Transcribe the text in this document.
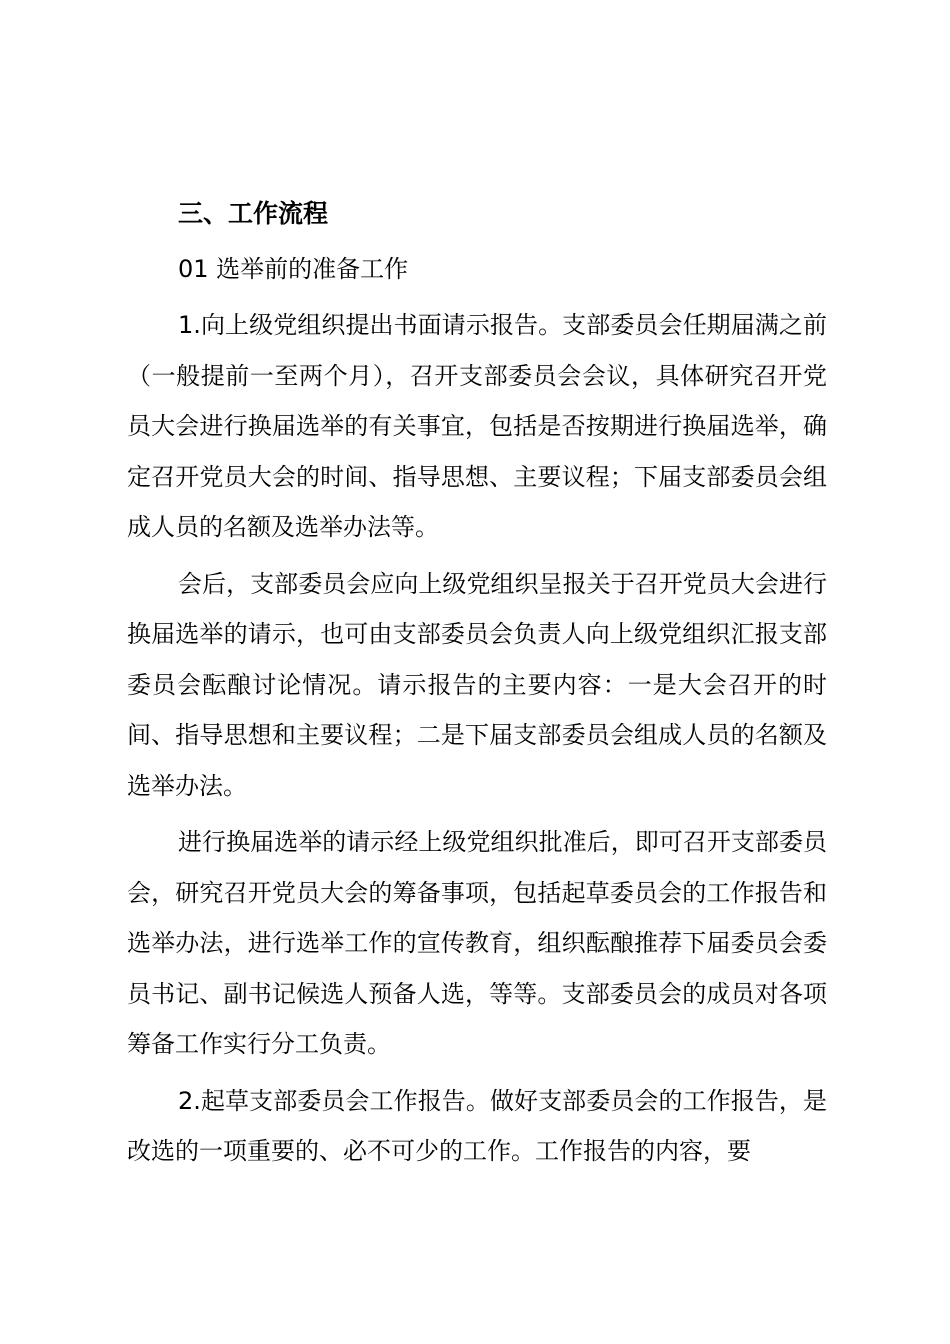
三、工作流程

01 选举前的准备工作

1.向上级党组织提出书面请示报告。支部委员会任期届满之前（一般提前一至两个月），召开支部委员会会议，具体研究召开党员大会进行换届选举的有关事宜，包括是否按期进行换届选举，确定召开党员大会的时间、指导思想、主要议程；下届支部委员会组成人员的名额及选举办法等。

会后，支部委员会应向上级党组织呈报关于召开党员大会进行换届选举的请示，也可由支部委员会负责人向上级党组织汇报支部委员会酝酿讨论情况。请示报告的主要内容：一是大会召开的时间、指导思想和主要议程；二是下届支部委员会组成人员的名额及选举办法。

进行换届选举的请示经上级党组织批准后，即可召开支部委员会，研究召开党员大会的筹备事项，包括起草委员会的工作报告和选举办法，进行选举工作的宣传教育，组织酝酿推荐下届委员会委员书记、副书记候选人预备人选，等等。支部委员会的成员对各项筹备工作实行分工负责。

2.起草支部委员会工作报告。做好支部委员会的工作报告，是改选的一项重要的、必不可少的工作。工作报告的内容，要
